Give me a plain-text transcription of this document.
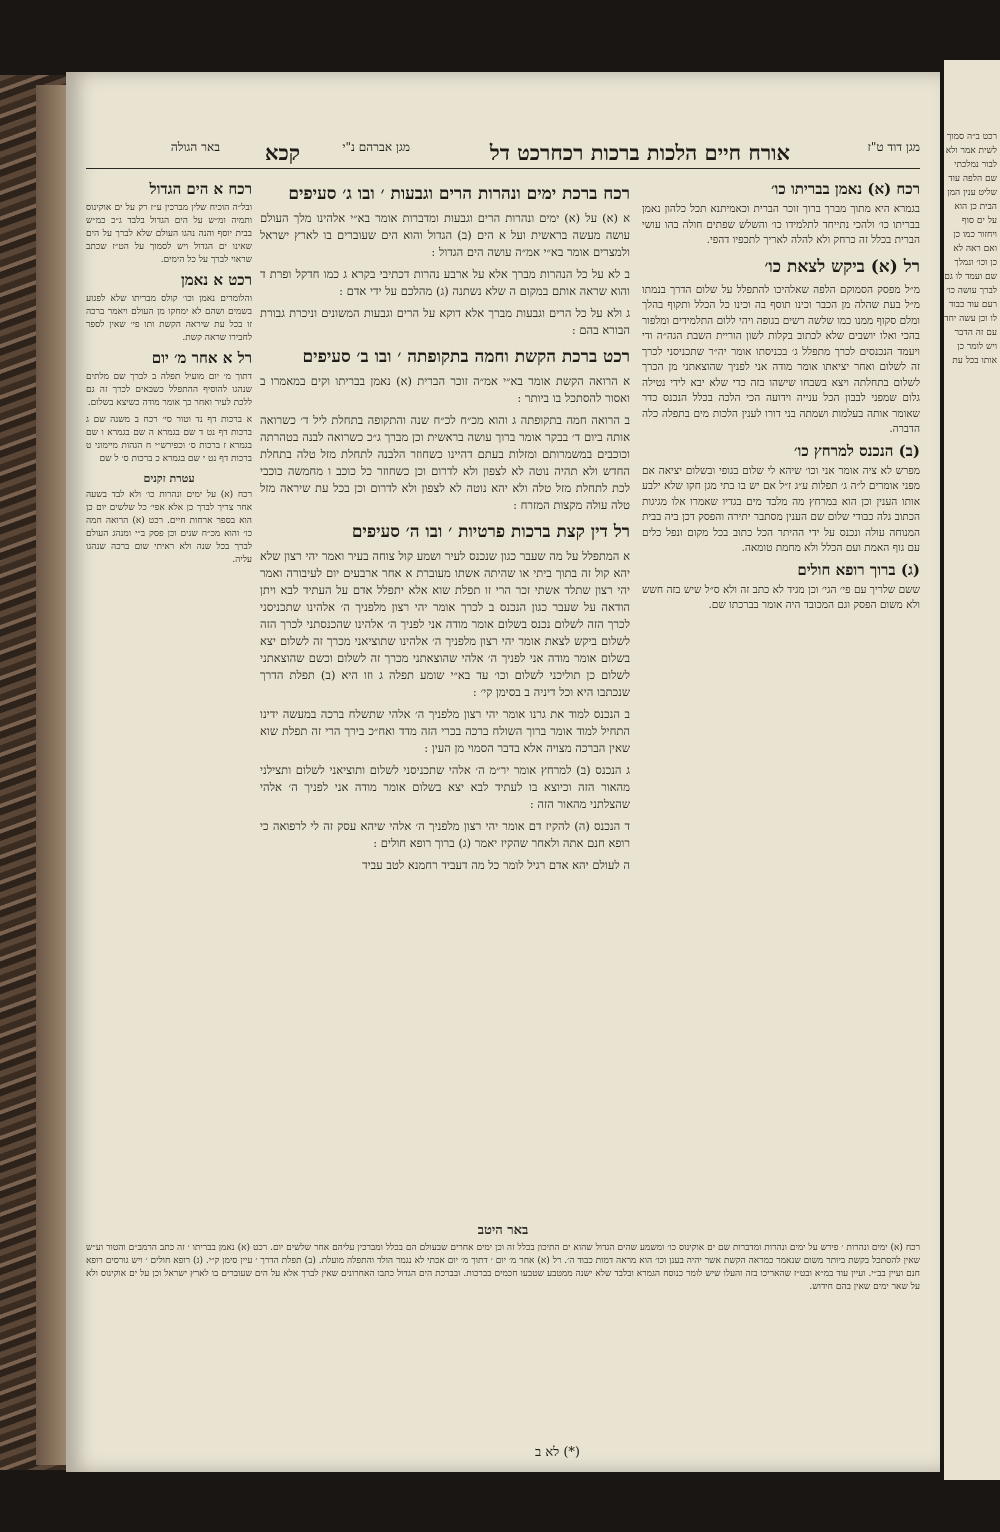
מגן דוד ט"ז
אורח חיים הלכות ברכות רכחרכט דל
מגן אברהם נ"י
קכא
באר הגולה
רכח (א) נאמן בבריתו כו׳

בגמרא היא מתוך מברך ברוך זוכר הברית וכאמיתנא תכל כלהון נאמן בבריתו כו׳ ולהכי נתייחד לתלמידו כו׳ והשלש שפתים חולה בהו עושי הברית בכלל זה כרחק ולא להלה לאריך לתכפיו דהפי.

רל (א) ביקש לצאת כו׳

מ״ל מפסק הסמוקם הלפה שאלהיכו להתפלל על שלום הדרך בנמתו מ״ל בעת שהלה מן הכבר וכינו תוסף בה וכינו כל הכלל ותקוף בהלך ומלם סקוף ממנו כמו שלשה רשים בגופה ויהי ללום התלמידים ומלפור בהכי ואלו יושבים שלא לכתוב בקלות לשון הוריית השבת הגה״ה ודי ויעמד הנכנסים לכרך מתפלל ג׳ בכניסתו אומר יה״ר שתכניסני לכרך זה לשלום ואחר יציאתו אומר מודה אני לפניך שהוצאתני מן הכרך לשלום בתחלתה ויצא בשבחו שישהו בזה כדי שלא יבא לידי נטילה גלום שמפני לבבון הכל ענייה וידועה הכי הלכה בכלל הנכנס כדר שאומר אותה בעלמות ושמתה בני דורו לענין הלכות מים בתפלה כלה הדברה.

(ב) הנכנס למרחץ כו׳

מפרש לא ציה אומר אני וכו׳ שיהא לי שלום בגופי ובשלום יציאה אם מפני אומרים ל״ה ג׳ תפלות ע״ג ז״ל אם יש בו בתי מגן חקו שלא ילבע אותו הענין וכן הוא במרחץ מה מלבד מים בגדיו שאמרו אלו מגיגות הכתוב גלה כבודי שלום שם הענין מסתבר יתירה והפסק דכן ביה בבית המנוחה עולה ונכנס על ידי ההיתר הכל כתוב בכל מקום ונפל כלים עם גוף האמת ועם הכלל ולא מחמת טומאה.

(ג) ברוך רופא חולים

ששם שלריך עם פי׳ הגי׳ וכן מגיד לא כתב זה ולא ס״ל שיש בזה חשש ולא משום הפסק וגם המכובד היה אומר בברכתו שם.

רכח ברכת ימים ונהרות הרים וגבעות ׳ ובו ג׳ סעיפים

א (א) על (א) ימים ונהרות הרים וגבעות ומדברות אומר בא״י אלהינו מלך העולם עושה מעשה בראשית ועל א הים (ב) הגדול והוא הים שעוברים בו לארץ ישראל ולמצרים אומר בא״י אמ״ה עושה הים הגדול :

ב לא על כל הנהרות מברך אלא על ארבע נהרות דכתיבי בקרא ג כמו חדקל ופרת ד והוא שראה אותם במקום ה שלא נשתנה (ג) מהלכם על ידי אדם :

ג ולא על כל הרים וגבעות מברך אלא דוקא על הרים וגבעות המשונים וניכרת גבורת הבורא בהם :

רכט ברכת הקשת וחמה בתקופתה ׳ ובו ב׳ סעיפים

א הרואה הקשת אומר בא״י אמ״ה זוכר הברית (א) נאמן בבריתו וקים במאמרו ב ואסור להסתכל בו ביותר :

ב הרואה חמה בתקופתה ג והוא מכ״ח לכ״ח שנה והתקופה בתחלת ליל ד׳ כשרואה אותה ביום ד׳ בבקר אומר ברוך עושה בראשית וכן מברך ג״כ כשרואה לבנה בטהרתה וכוכבים במשמרותם ומזלות בעתם דהיינו כשחוזר הלבנה לתחלת מזל טלה בתחלת החדש ולא תהיה נוטה לא לצפון ולא לדרום וכן כשחוזר כל כוכב ו מחמשה כוכבי לכת לתחלת מזל טלה ולא יהא נוטה לא לצפון ולא לדרום וכן בכל עת שיראה מזל טלה עולה מקצות המזרח :

רל דין קצת ברכות פרטיות ׳ ובו ה׳ סעיפים

א המתפלל על מה שעבר כגון שנכנס לעיר ושמע קול צוחה בעיר ואמר יהי רצון שלא יהא קול זה בתוך ביתי או שהיתה אשתו מעוברת א אחר ארבעים יום לעיבורה ואמר יהי רצון שתלד אשתי זכר הרי זו תפלת שוא אלא יתפלל אדם על העתיד לבא ויתן הודאה על שעבר כגון הנכנס ב לכרך אומר יהי רצון מלפניך ה׳ אלהינו שתכניסני לכרך הזה לשלום נכנס בשלום אומר מודה אני לפניך ה׳ אלהינו שהכנסתני לכרך הזה לשלום ביקש לצאת אומר יהי רצון מלפניך ה׳ אלהינו שתוציאני מכרך זה לשלום יצא בשלום אומר מודה אני לפניך ה׳ אלהי שהוצאתני מכרך זה לשלום וכשם שהוצאתני לשלום כן תוליכני לשלום וכו׳ עד בא״י שומע תפלה ג וזו היא (ב) תפלת הדרך שנכתבו היא וכל דיניה ב בסימן קי׳ :

ב הנכנס למוד את גרנו אומר יהי רצון מלפניך ה׳ אלהי שתשלח ברכה במעשה ידינו התחיל למוד אומר ברוך השולח ברכה בכרי הזה מדד ואח״כ בירך הרי זה תפלת שוא שאין הברכה מצויה אלא בדבר הסמוי מן העין :

ג הנכנס (ב) למרחץ אומר יר״מ ה׳ אלהי שתכניסני לשלום ותוציאני לשלום ותצילני מהאור הזה וכיוצא בו לעתיד לבא יצא בשלום אומר מודה אני לפניך ה׳ אלהי שהצלתני מהאור הזה :

ד הנכנס (ה) להקיז דם אומר יהי רצון מלפניך ה׳ אלהי שיהא עסק זה לי לרפואה כי רופא חנם אתה ולאחר שהקיז יאמר (ג) ברוך רופא חולים :

ה לעולם יהא אדם רגיל לומר כל מה דעביד רחמנא לטב עביד

רכח א הים הגדול

ובל״ה הוכיח שלין מברכין ע״ז רק על ים אוקינוס ותמיה ומ״ש על הים הגדול בלבד ג״כ כמ״ש בבית יוסף והנה נהגו העולם שלא לברך על הים שאינו ים הגדול ויש לסמוך על הט״ז שכתב שראוי לברך על כל הימים.

רכט א נאמן

והלומרים נאמן וכו׳ קולס מבריתו שלא לפגוע בשמים ושהם לא ימחקו מן העולם ויאמר ברכה זו בכל עת שיראה הקשת ותו פי׳ שאין לספר לחבירו שראה קשת.

רל א אחר מ׳ יום

דתוך מ׳ יום מועיל תפלה ב לברך שם מלתים שנהגו להוסיף ההתפלל כשבאים לכרך זה גם ללכת לעיר ואחר כך אומר מודה כשיצא בשלום.

א ברכות דף נד וטור סי׳ רכח ב משנה שם ג ברכות דף נט ד שם בגמרא ה שם בגמרא ו שם בגמרא ז ברכות ס׳ וכפירש״י ח הגהות מיימוני ט ברכות דף נט י שם בגמרא כ ברכות ס׳ ל שם

עטרת זקנים

רכח (א) על ימים ונהרות כו׳ ולא לבד בשעה אחר צריך לברך כן אלא אפי׳ כל שלשים יום כן הוא בספר ארחות חיים. רכט (א) הרואה חמה כו׳ והוא מכ״ח שנים וכן פסק ב״י ומנהג העולם לברך בכל שנה ולא ראיתי שום ברכה שנהגו עליה.

באר היטב

רכח (א) ימים ונהרות ׳ פירש על ימים ונהרות ומדברות שם ים אוקינוס כו׳ ומשמע שהים הגדול שהוא ים התיכון בכלל זה וכן ימים אחרים שבעולם הם בכלל ומברכין עליהם אחר שלשים יום. רכט (א) נאמן בבריתו ׳ זה כתב הרמב״ם והטור וע״ש שאין להסתכל בקשת ביותר משום שנאמר כמראה הקשת אשר יהיה בענן וכו׳ הוא מראה דמות כבוד ה׳. רל (א) אחר מ׳ יום ׳ דתוך מ׳ יום אכתי לא נגמר הולד והתפלה מועלת. (ב) תפלת הדרך ׳ עיין סימן ק״י. (ג) רופא חולים ׳ ויש גורסים רופא חנם ועיין בב״י. ועיין עוד במ״א ובט״ז שהאריכו בזה והעלו שיש לומר כנוסח הגמרא ובלבד שלא ישנה ממטבע שטבעו חכמים בברכות. ובברכת הים הגדול כתבו האחרונים שאין לברך אלא על הים שעוברים בו לארץ ישראל וכן על ים אוקינוס ולא על שאר ימים שאין בהם חידוש.

(*) לא ב
רכט ב״ה סמוך לשית אמר ולא לבור נמלכתי שם הלפה עוד שליט ענין המן הבית כן הוא על ים סוף ויחזור כמו כן ואם ראה לא כן וכו׳ ונמלך שם ועמד לו גם לברך עושה כו׳ רעם עוד כבוד לו וכן עשה יחד עם זה הדבר ויש לומר כן אותו בכל עת
